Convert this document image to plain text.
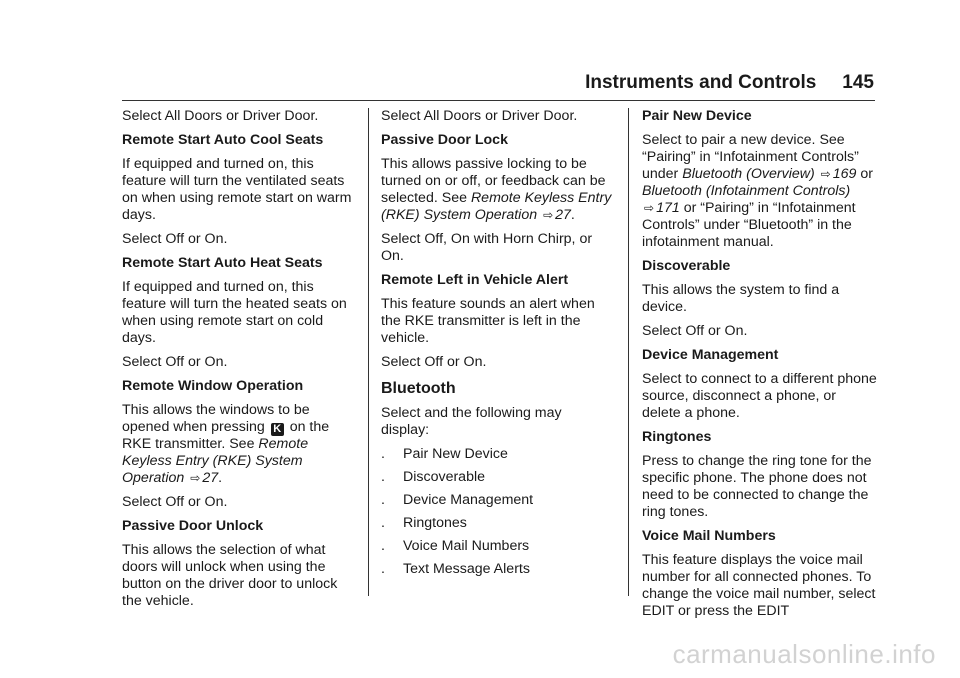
Instruments and Controls 145

Select All Doors or Driver Door.

Remote Start Auto Cool Seats

If equipped and turned on, this feature will turn the ventilated seats on when using remote start on warm days.

Select Off or On.

Remote Start Auto Heat Seats

If equipped and turned on, this feature will turn the heated seats on when using remote start on cold days.

Select Off or On.

Remote Window Operation

This allows the windows to be opened when pressing K on the RKE transmitter. See Remote Keyless Entry (RKE) System Operation ⇨ 27.

Select Off or On.

Passive Door Unlock

This allows the selection of what doors will unlock when using the button on the driver door to unlock the vehicle.

Select All Doors or Driver Door.

Passive Door Lock

This allows passive locking to be turned on or off, or feedback can be selected. See Remote Keyless Entry (RKE) System Operation ⇨ 27.

Select Off, On with Horn Chirp, or On.

Remote Left in Vehicle Alert

This feature sounds an alert when the RKE transmitter is left in the vehicle.

Select Off or On.

Bluetooth

Select and the following may display:

.	Pair New Device
.	Discoverable
.	Device Management
.	Ringtones
.	Voice Mail Numbers
.	Text Message Alerts

Pair New Device

Select to pair a new device. See “Pairing” in “Infotainment Controls” under Bluetooth (Overview) ⇨ 169 or Bluetooth (Infotainment Controls) ⇨ 171 or “Pairing” in “Infotainment Controls” under “Bluetooth” in the infotainment manual.

Discoverable

This allows the system to find a device.

Select Off or On.

Device Management

Select to connect to a different phone source, disconnect a phone, or delete a phone.

Ringtones

Press to change the ring tone for the specific phone. The phone does not need to be connected to change the ring tones.

Voice Mail Numbers

This feature displays the voice mail number for all connected phones. To change the voice mail number, select EDIT or press the EDIT

carmanualsonline.info
